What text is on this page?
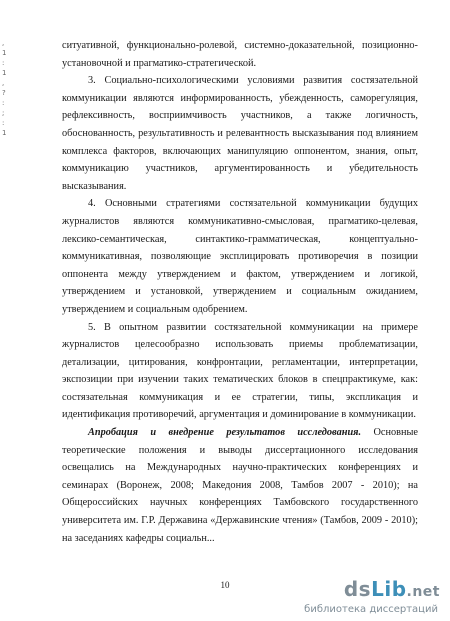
,
1
:
1
,
?
:
;
:
1

ситуативной, функционально-ролевой, системно-доказательной, позиционно-установочной и прагматико-стратегической.

3. Социально-психологическими условиями развития состязательной коммуникации являются информированность, убежденность, саморегуляция, рефлексивность, восприимчивость участников, а также логичность, обоснованность, результативность и релевантность высказывания под влиянием комплекса факторов, включающих манипуляцию оппонентом, знания, опыт, коммуникацию участников, аргументированность и убедительность высказывания.

4. Основными стратегиями состязательной коммуникации будущих журналистов являются коммуникативно-смысловая, прагматико-целевая, лексико-семантическая, синтактико-грамматическая, концептуально-коммуникативная, позволяющие эксплицировать противоречия в позиции оппонента между утверждением и фактом, утверждением и логикой, утверждением и установкой, утверждением и социальным ожиданием, утверждением и социальным одобрением.

5. В опытном развитии состязательной коммуникации на примере журналистов целесообразно использовать приемы проблематизации, детализации, цитирования, конфронтации, регламентации, интерпретации, экспозиции при изучении таких тематических блоков в спецпрактикуме, как: состязательная коммуникация и ее стратегии, типы, экспликация и идентификация противоречий, аргументация и доминирование в коммуникации.

Апробация и внедрение результатов исследования. Основные теоретические положения и выводы диссертационного исследования освещались на Международных научно-практических конференциях и семинарах (Воронеж, 2008; Македония 2008, Тамбов 2007 - 2010); на Общероссийских научных конференциях Тамбовского государственного университета им. Г.Р. Державина «Державинские чтения» (Тамбов, 2009 - 2010); на заседаниях кафедры социальн...

10	dsLib.net
библиотека диссертаций
